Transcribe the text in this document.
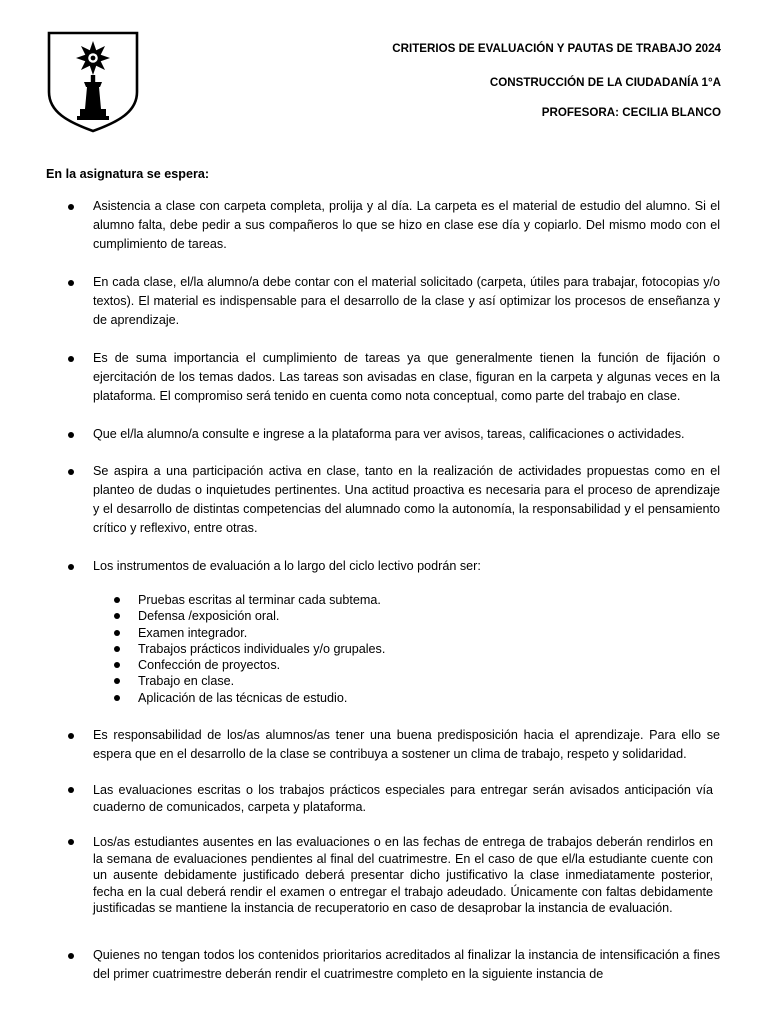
CRITERIOS DE EVALUACIÓN Y PAUTAS DE TRABAJO 2024
CONSTRUCCIÓN DE LA CIUDADANÍA 1°A
PROFESORA: CECILIA BLANCO
En la asignatura se espera:
Asistencia a clase con carpeta completa, prolija y al día. La carpeta es el material de estudio del alumno. Si el alumno falta, debe pedir a sus compañeros lo que se hizo en clase ese día y copiarlo. Del mismo modo con el cumplimiento de tareas.
En cada clase, el/la alumno/a debe contar con el material solicitado (carpeta, útiles para trabajar, fotocopias y/o textos). El material es indispensable para el desarrollo de la clase y así optimizar los procesos de enseñanza y de aprendizaje.
Es de suma importancia el cumplimiento de tareas ya que generalmente tienen la función de fijación o ejercitación de los temas dados. Las tareas son avisadas en clase, figuran en la carpeta y algunas veces en la plataforma. El compromiso será tenido en cuenta como nota conceptual, como parte del trabajo en clase.
Que el/la alumno/a consulte e ingrese a la plataforma para ver avisos, tareas, calificaciones o actividades.
Se aspira a una participación activa en clase, tanto en la realización de actividades propuestas como en el planteo de dudas o inquietudes pertinentes. Una actitud proactiva es necesaria para el proceso de aprendizaje y el desarrollo de distintas competencias del alumnado como la autonomía, la responsabilidad y el pensamiento crítico y reflexivo, entre otras.
Los instrumentos de evaluación a lo largo del ciclo lectivo podrán ser:
Pruebas escritas al terminar cada subtema.
Defensa /exposición oral.
Examen integrador.
Trabajos prácticos individuales y/o grupales.
Confección de proyectos.
Trabajo en clase.
Aplicación de las técnicas de estudio.
Es responsabilidad de los/as alumnos/as tener una buena predisposición hacia el aprendizaje. Para ello se espera que en el desarrollo de la clase se contribuya a sostener un clima de trabajo, respeto y solidaridad.
Las evaluaciones escritas o los trabajos prácticos especiales para entregar serán avisados anticipación vía cuaderno de comunicados, carpeta y plataforma.
Los/as estudiantes ausentes en las evaluaciones o en las fechas de entrega de trabajos deberán rendirlos en la semana de evaluaciones pendientes al final del cuatrimestre. En el caso de que el/la estudiante cuente con un ausente debidamente justificado deberá presentar dicho justificativo la clase inmediatamente posterior, fecha en la cual deberá rendir el examen o entregar el trabajo adeudado. Únicamente con faltas debidamente justificadas se mantiene la instancia de recuperatorio en caso de desaprobar la instancia de evaluación.
Quienes no tengan todos los contenidos prioritarios acreditados al finalizar la instancia de intensificación a fines del primer cuatrimestre deberán rendir el cuatrimestre completo en la siguiente instancia de
